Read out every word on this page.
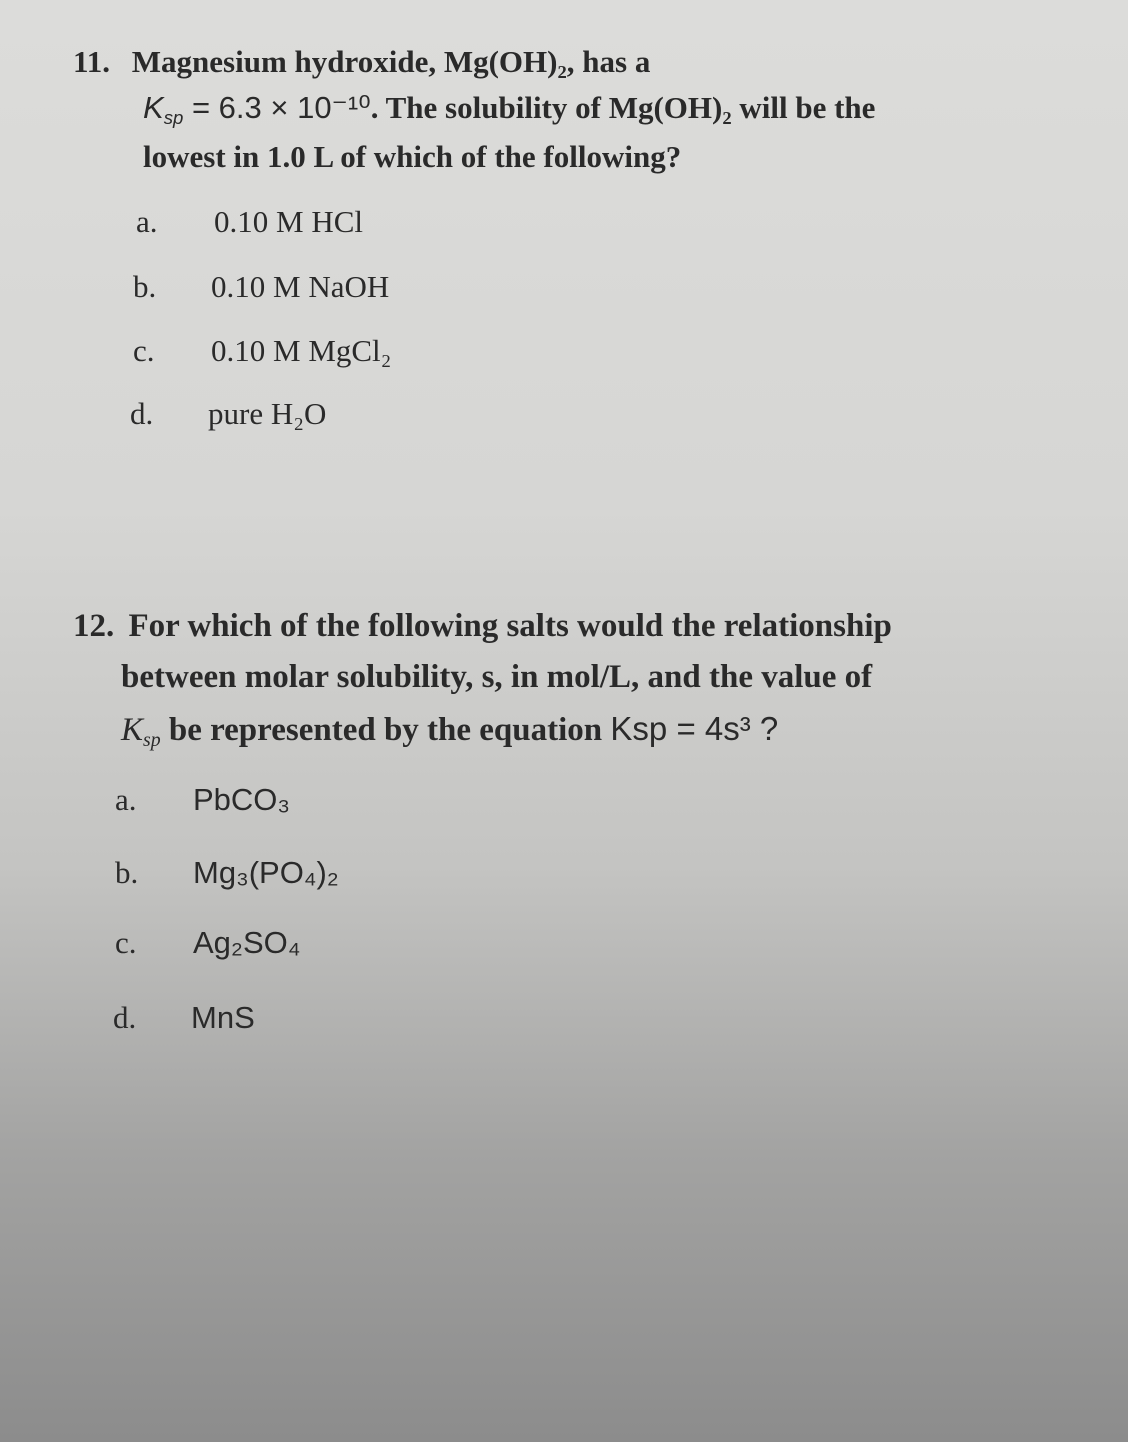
11. Magnesium hydroxide, Mg(OH)₂, has a
$K_{sp} = 6.3 \times 10^{-10}$. The solubility of Mg(OH)₂ will be the
lowest in 1.0 L of which of the following?
a. 0.10 M HCl
b. 0.10 M NaOH
c. 0.10 M MgCl₂
d. pure H₂O
12. For which of the following salts would the relationship
between molar solubility, s, in mol/L, and the value of
$K_{sp}$ be represented by the equation Ksp = 4s³ ?
a. PbCO₃
b. Mg₃(PO₄)₂
c. Ag₂SO₄
d. MnS
